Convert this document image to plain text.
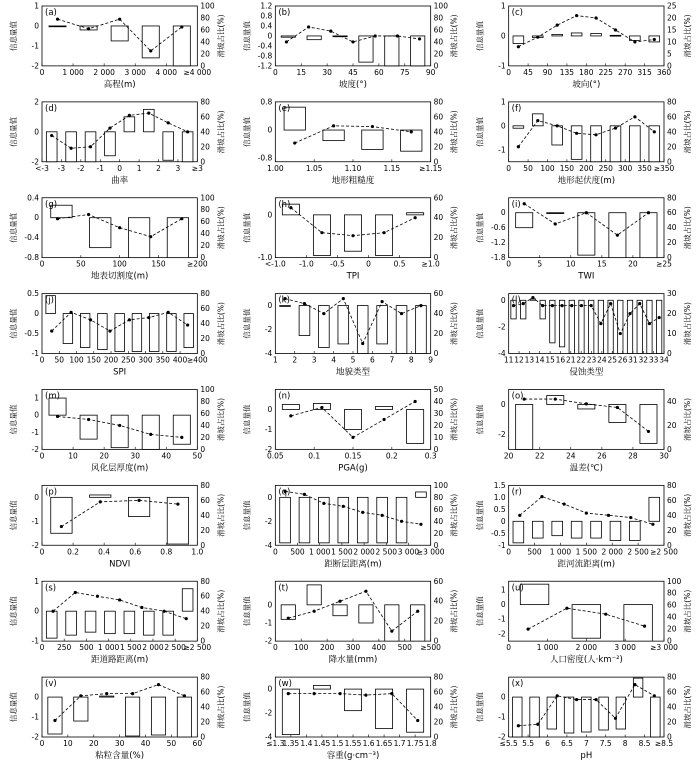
0 1 000 2 000 3 000 4 000 ≥4 000
1
0
-1
-2
100
80
60
40
20
0
(a)
高程(m)
信息量值	滑坡占比(%)
0 15 30 45 60 75 90
1.2
0.8
0.4
0
-0.4
-0.8
-1.2
100
80
60
40
20
0
(b)
坡度(°)
信息量值	滑坡占比(%)
0 45 90 135 180 225 270 315 360
1
0
-1
25
20
15
10
5
0
(c)
坡向(°)
信息量值	滑坡占比(%)
<-3 -3 -2 -1 0 1 2 3 ≥3
2
0
-2
80
60
40
20
0
(d)
曲率
信息量值	滑坡占比(%)
1.00	1.05	1.10	1.15	≥1.15
0.8
0
-0.8
80
60
40
20
0
(e)
地形粗糙度
信息量值	滑坡占比(%)
0 50 100 150 200 250 300 350 ≥350
1
0
-1
80
60
40
20
0
(f)
地形起伏度(m)
信息量值	滑坡占比(%)
0	50	100	150	≥200
0.4
0
-0.4
-0.8
100
80
60
40
20
0
(g)
地表切割度(m)
信息量值	滑坡占比(%)
<-1.0 -1.0 -0.5	0	0.5 ≥1.0
0
-1.0
60
40
20
0
(h)
TPI
信息量值	滑坡占比(%)
0	5	10	15	20 ≥25
0
-0.6
-1.2
-1.8
80
60
40
20
0
(i)
TWI
信息量值	滑坡占比(%)
0 50 100 150 200 250 300 350 400 ≥400
0.5
0
-0.5
-1
80
60
40
20
0
(j)
SPI
信息量值	滑坡占比(%)
1 2 3 4 5 6 7 8 9
0
-2
-4
60
40
20
0
(k)
地貌类型
信息量值	滑坡占比(%)
11 12 13 14 15 16 21 22 23 24 25 26 31 32 33 34
0
-2
-4
30
20
10
0
(l)
侵蚀类型
信息量值	滑坡占比(%)
0	10	20	30	40	50
1
0
-1
-2
100
80
60
40
20
0
(m)
风化层厚度(m)
信息量值	滑坡占比(%)
0.05	0.1	0.15	0.2	0.3
0
-1
-2
50
40
30
20
10
0
(n)
PGA(g)
信息量值	滑坡占比(%)
20	22	24	26	28	30
0
-2
40
20
0
(o)
温差(℃)
信息量值	滑坡占比(%)
0	0.2	0.4	0.6	0.8	1.0
0
-1
-2
80
60
40
20
0
(p)
NDVI
信息量值	滑坡占比(%)
0 500 1 000 1 500 2 000 2 500 3 000
≥3 000
0
-2
-4
100
80
60
40
20
0
(q)
距断层距离(m)
信息量值	滑坡占比(%)
0 500 1 000 1 500 2 000 2 500 ≥2 500
1.5
1.0
0.5
0
-0.5
-1
80
60
40
20
0
(r)
距河流距离(m)
信息量值	滑坡占比(%)
0 250 500 1 000 1 500 2 000 2 500
≥2 500
1
0
-1
80
60
40
20
0
(s)
距道路距离(m)
信息量值	滑坡占比(%)
0 100 200 300 400 500 ≥500
0
-1
-2
60
40
20
0
(t)
降水量(mm)
信息量值	滑坡占比(%)
0	1 000 2 000 3 000 ≥3 000
1
0
-1
-2
100
80
60
40
20
0
(u)
人口密度(人·km⁻²)
信息量值	滑坡占比(%)
0 10 20 30 40 50 60
0
-1
-2
80
60
40
20
0
(v)
粘粒含量(%)
信息量值	滑坡占比(%)
≤1.3
1.35 1.4 1.45 1.5 1.55 1.6 1.65 1.7 1.75 1.8
0
-2
-4
80
60
40
20
0
(w)
容重(g·cm⁻³)
信息量值	滑坡占比(%)
≤5.5 5.5 6 6.5 7 7.5 8 8.5 ≥8.5
0
-1
-2
80
60
40
20
0
(x)
pH
信息量值	滑坡占比(%)
